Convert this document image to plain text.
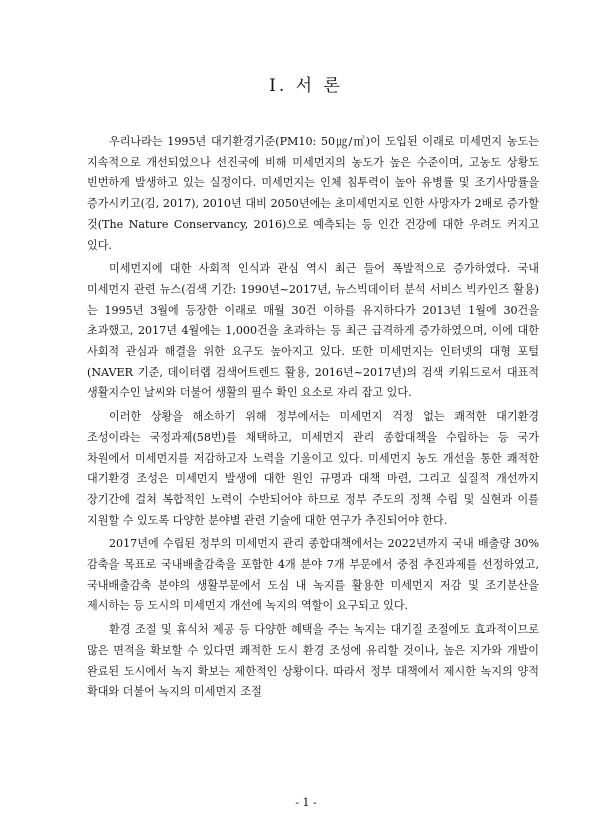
Ⅰ. 서 론

우리나라는 1995년 대기환경기준(PM10: 50㎍/㎥)이 도입된 이래로 미세먼지 농도는 지속적으로 개선되었으나 선진국에 비해 미세먼지의 농도가 높은 수준이며, 고농도 상황도 빈번하게 발생하고 있는 실정이다. 미세먼지는 인체 침투력이 높아 유병률 및 조기사망률을 증가시키고(김, 2017), 2010년 대비 2050년에는 초미세먼지로 인한 사망자가 2배로 증가할 것(The Nature Conservancy, 2016)으로 예측되는 등 인간 건강에 대한 우려도 커지고 있다.

미세먼지에 대한 사회적 인식과 관심 역시 최근 들어 폭발적으로 증가하였다. 국내 미세먼지 관련 뉴스(검색 기간: 1990년~2017년, 뉴스빅데이터 분석 서비스 빅카인즈 활용)는 1995년 3월에 등장한 이래로 매월 30건 이하를 유지하다가 2013년 1월에 30건을 초과했고, 2017년 4월에는 1,000건을 초과하는 등 최근 급격하게 증가하였으며, 이에 대한 사회적 관심과 해결을 위한 요구도 높아지고 있다. 또한 미세먼지는 인터넷의 대형 포털(NAVER 기준, 데이터랩 검색어트렌드 활용, 2016년~2017년)의 검색 키워드로서 대표적 생활지수인 날씨와 더불어 생활의 필수 확인 요소로 자리 잡고 있다.

이러한 상황을 해소하기 위해 정부에서는 미세먼지 걱정 없는 쾌적한 대기환경 조성이라는 국정과제(58번)를 채택하고, 미세먼지 관리 종합대책을 수립하는 등 국가 차원에서 미세먼지를 저감하고자 노력을 기울이고 있다. 미세먼지 농도 개선을 통한 쾌적한 대기환경 조성은 미세먼지 발생에 대한 원인 규명과 대책 마련, 그리고 실질적 개선까지 장기간에 걸쳐 복합적인 노력이 수반되어야 하므로 정부 주도의 정책 수립 및 실현과 이를 지원할 수 있도록 다양한 분야별 관련 기술에 대한 연구가 추진되어야 한다.

2017년에 수립된 정부의 미세먼지 관리 종합대책에서는 2022년까지 국내 배출량 30% 감축을 목표로 국내배출감축을 포함한 4개 분야 7개 부문에서 중점 추진과제를 선정하였고, 국내배출감축 분야의 생활부문에서 도심 내 녹지를 활용한 미세먼지 저감 및 조기분산을 제시하는 등 도시의 미세먼지 개선에 녹지의 역할이 요구되고 있다.

환경 조절 및 휴식처 제공 등 다양한 혜택을 주는 녹지는 대기질 조절에도 효과적이므로 많은 면적을 확보할 수 있다면 쾌적한 도시 환경 조성에 유리할 것이나, 높은 지가와 개발이 완료된 도시에서 녹지 확보는 제한적인 상황이다. 따라서 정부 대책에서 제시한 녹지의 양적 확대와 더불어 녹지의 미세먼지 조절

- 1 -
